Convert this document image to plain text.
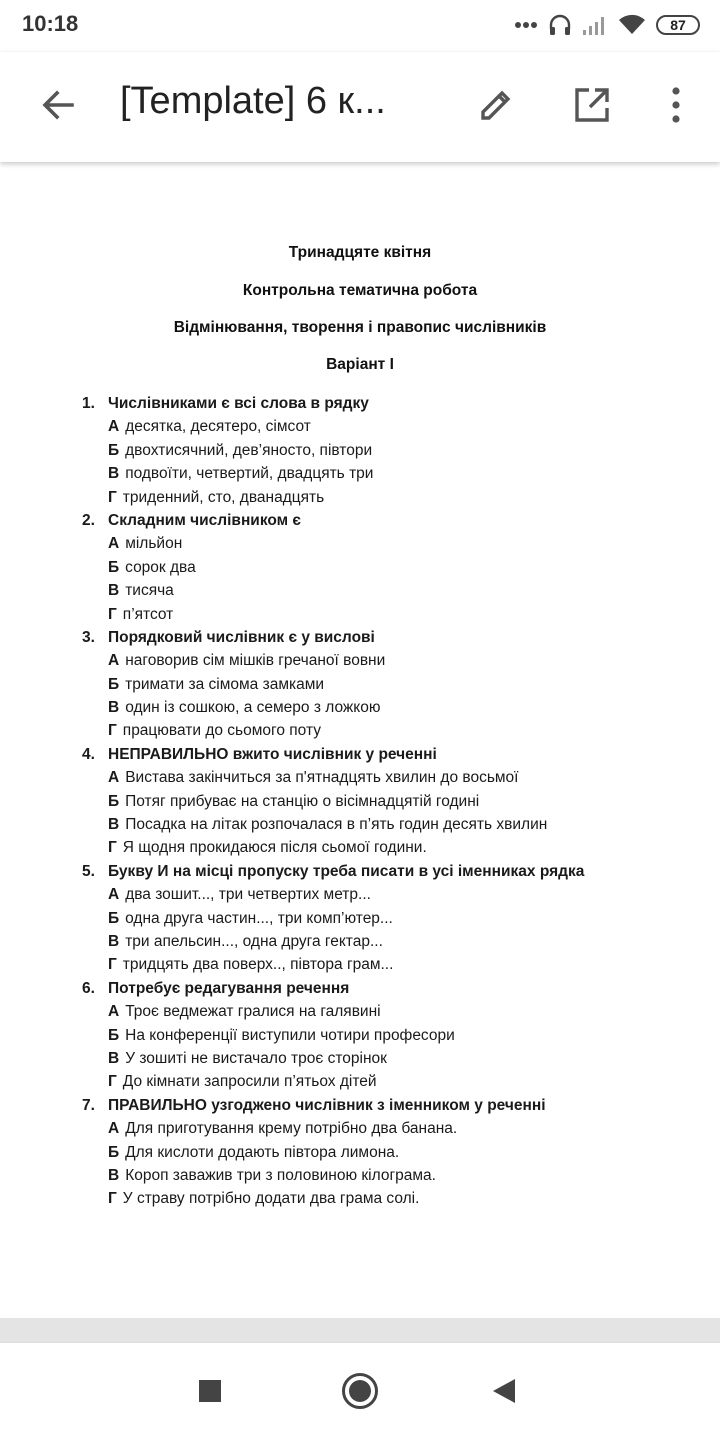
10:18	87
[Template] 6 к...
Тринадцяте квітня
Контрольна тематична робота
Відмінювання, творення і правопис числівників
Варіант І
1. Числівниками є всі слова в рядку
А десятка, десятеро, сімсот
Б двохтисячний, дев’яносто, півтори
В подвоїти, четвертий, двадцять три
Г триденний, сто, дванадцять
2. Складним числівником є
А мільйон
Б сорок два
В тисяча
Г п’ятсот
3. Порядковий числівник є у вислові
А наговорив сім мішків гречаної вовни
Б тримати за сімома замками
В один із сошкою, а семеро з ложкою
Г працювати до сьомого поту
4. НЕПРАВИЛЬНО вжито числівник у реченні
А Вистава закінчиться за п'ятнадцять хвилин до восьмої
Б Потяг прибуває на станцію о вісімнадцятій годині
В Посадка на літак розпочалася в п’ять годин десять хвилин
Г Я щодня прокидаюся після сьомої години.
5. Букву И на місці пропуску треба писати в усі іменниках рядка
А два зошит..., три четвертих метр...
Б одна друга частин..., три комп’ютер...
В три апельсин..., одна друга гектар...
Г тридцять два поверх.., півтора грам...
6. Потребує редагування речення
А Троє ведмежат гралися на галявині
Б На конференції виступили чотири професори
В У зошиті не вистачало троє сторінок
Г До кімнати запросили п’ятьох дітей
7. ПРАВИЛЬНО узгоджено числівник з іменником у реченні
А Для приготування крему потрібно два банана.
Б Для кислоти додають півтора лимона.
В Короп заважив три з половиною кілограма.
Г У страву потрібно додати два грама солі.
